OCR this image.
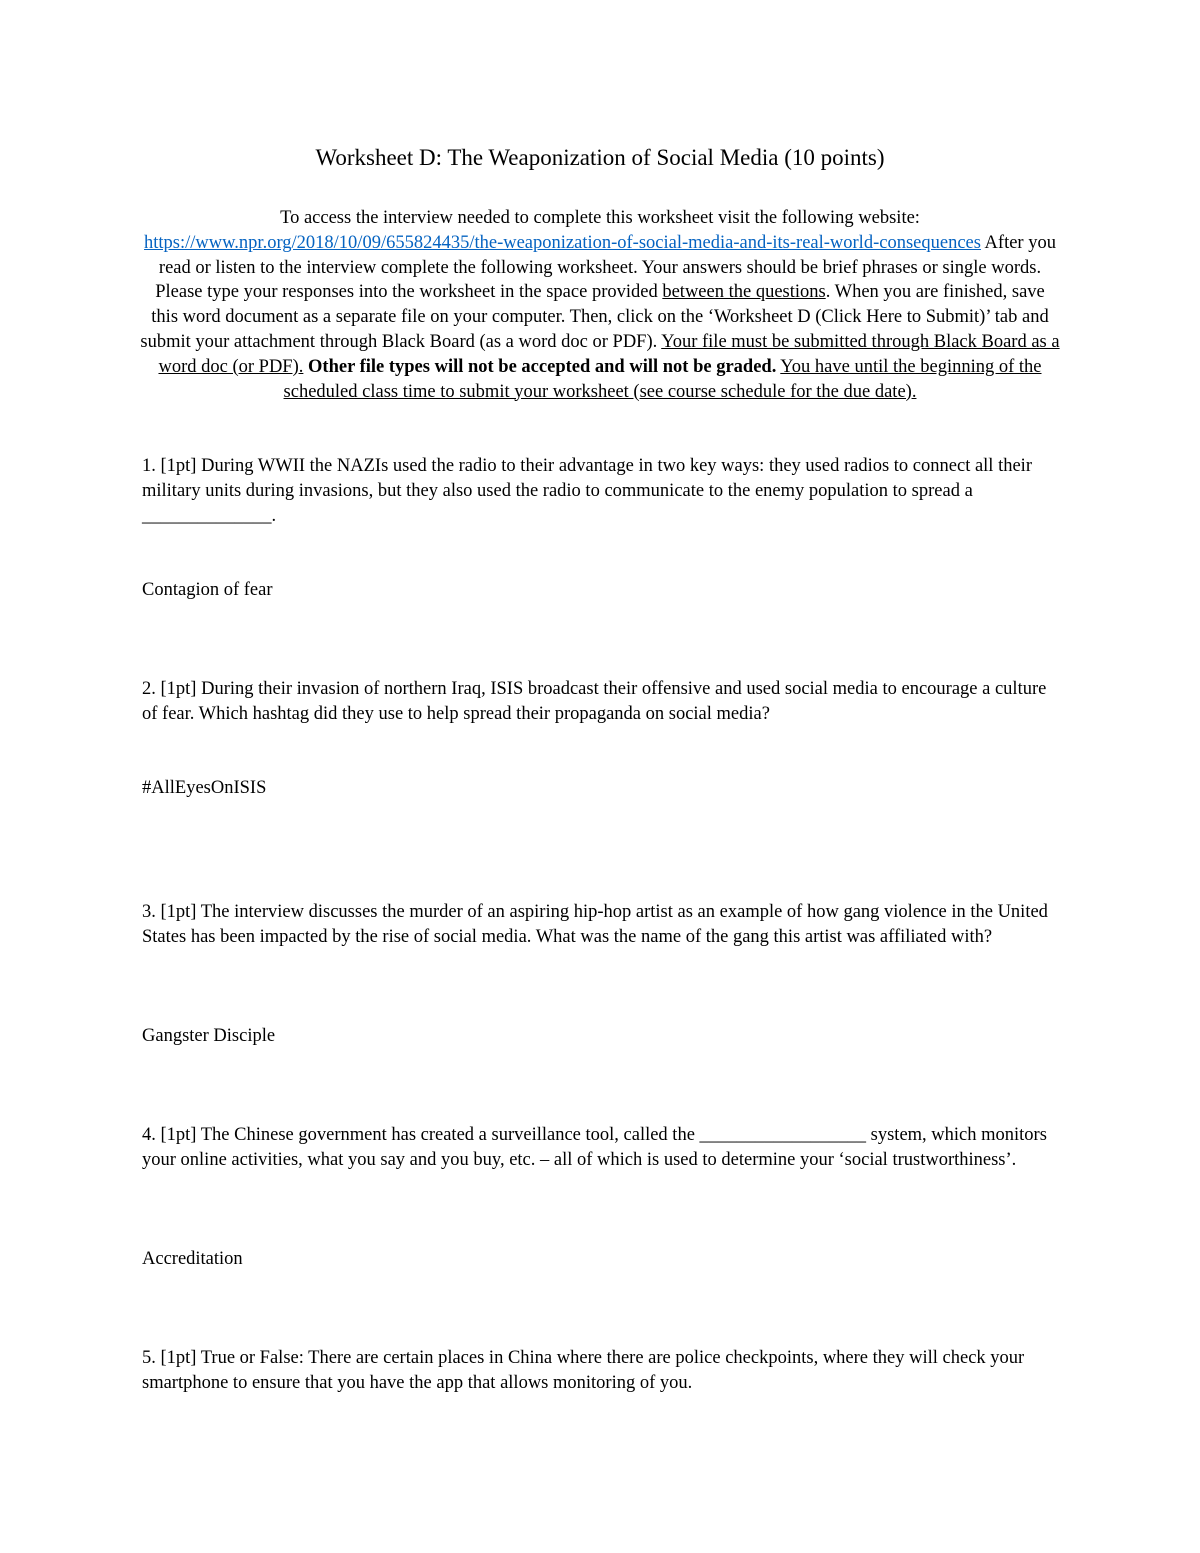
Worksheet D: The Weaponization of Social Media (10 points)

To access the interview needed to complete this worksheet visit the following website: https://www.npr.org/2018/10/09/655824435/the-weaponization-of-social-media-and-its-real-world-consequences After you read or listen to the interview complete the following worksheet. Your answers should be brief phrases or single words. Please type your responses into the worksheet in the space provided between the questions. When you are finished, save this word document as a separate file on your computer. Then, click on the ‘Worksheet D (Click Here to Submit)’ tab and submit your attachment through Black Board (as a word doc or PDF). Your file must be submitted through Black Board as a word doc (or PDF). Other file types will not be accepted and will not be graded. You have until the beginning of the scheduled class time to submit your worksheet (see course schedule for the due date).

1. [1pt] During WWII the NAZIs used the radio to their advantage in two key ways: they used radios to connect all their military units during invasions, but they also used the radio to communicate to the enemy population to spread a ______________.

Contagion of fear

2. [1pt] During their invasion of northern Iraq, ISIS broadcast their offensive and used social media to encourage a culture of fear. Which hashtag did they use to help spread their propaganda on social media?

#AllEyesOnISIS

3. [1pt] The interview discusses the murder of an aspiring hip-hop artist as an example of how gang violence in the United States has been impacted by the rise of social media. What was the name of the gang this artist was affiliated with?

Gangster Disciple

4. [1pt] The Chinese government has created a surveillance tool, called the __________________ system, which monitors your online activities, what you say and you buy, etc. – all of which is used to determine your ‘social trustworthiness’.

Accreditation

5. [1pt] True or False: There are certain places in China where there are police checkpoints, where they will check your smartphone to ensure that you have the app that allows monitoring of you.
